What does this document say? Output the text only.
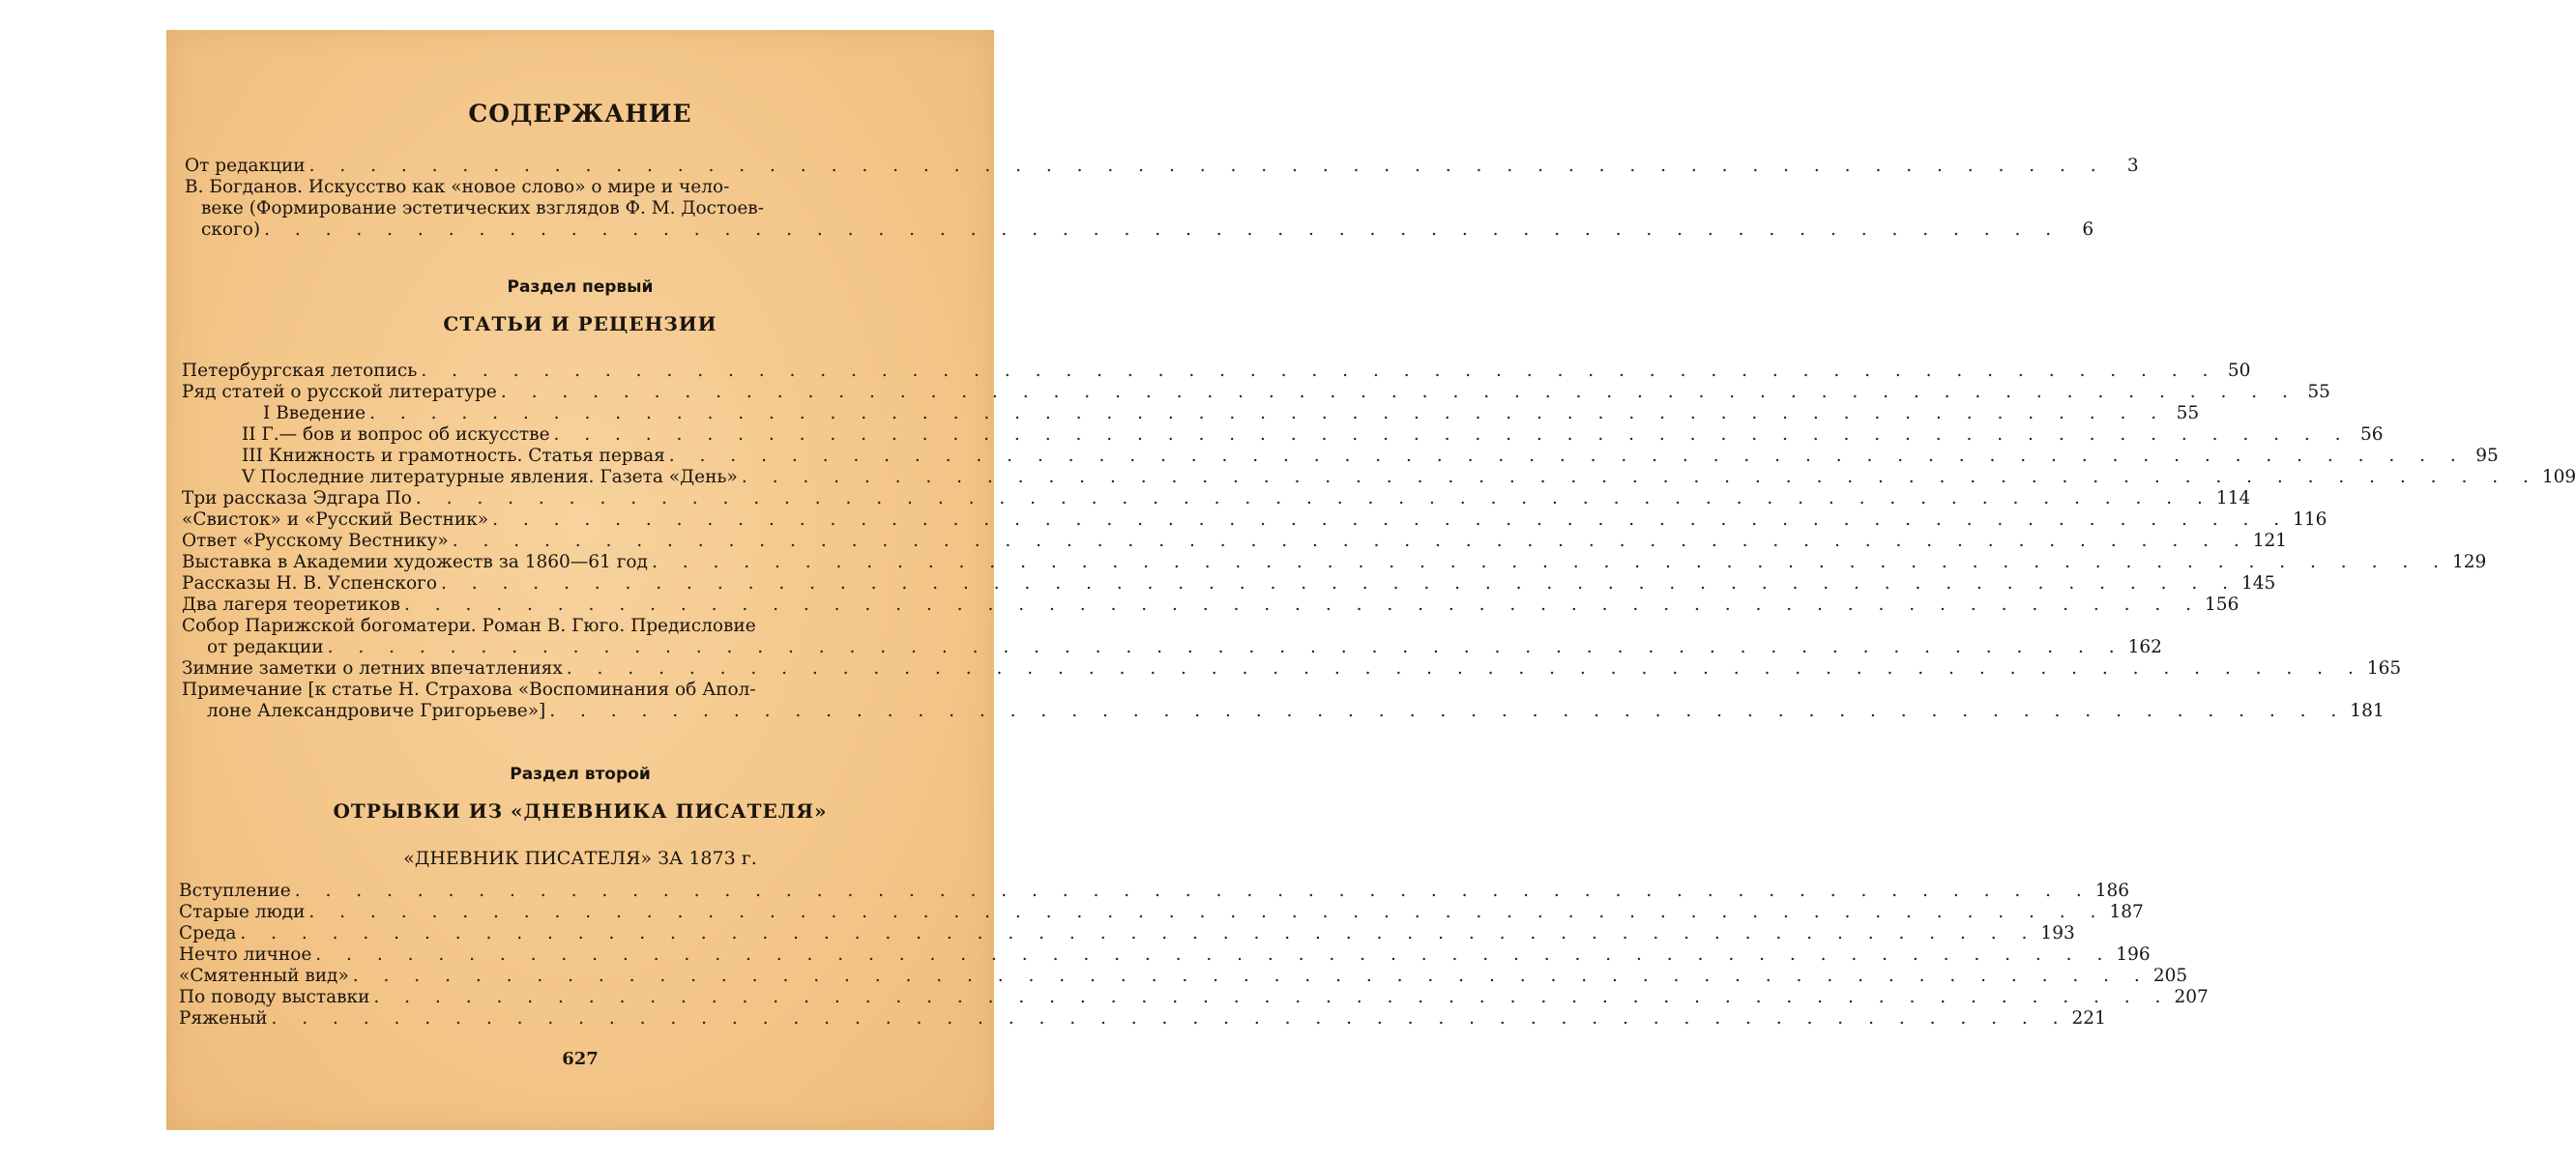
СОДЕРЖАНИЕ
От редакции . . . . . . . . . . . . . . . . . . . . . . . . . . . . . . . . . . . . . . . . . . . . . . . . . . . . . . . . . . .	3
В. Богданов. Искусство как «новое слово» о мире и чело-
веке (Формирование эстетических взглядов Ф. М. Достоев-
ского) . . . . . . . . . . . . . . . . . . . . . . . . . . . . . . . . . . . . . . . . . . . . . . . . . . . . . . . . . . .	6
Раздел первый
СТАТЬИ И РЕЦЕНЗИИ
Петербургская летопись . . . . . . . . . . . . . . . . . . . . . . . . . . . . . . . . . . . . . . . . . . . . . . . . . . . . . . . . . . . 50
Ряд статей о русской литературе . . . . . . . . . . . . . . . . . . . . . . . . . . . . . . . . . . . . . . . . . . . . . . . . . . . . . . . . . . . 55
I Введение . . . . . . . . . . . . . . . . . . . . . . . . . . . . . . . . . . . . . . . . . . . . . . . . . . . . . . . . . . . 55
II Г.— бов и вопрос об искусстве . . . . . . . . . . . . . . . . . . . . . . . . . . . . . . . . . . . . . . . . . . . . . . . . . . . . . . . . . . . 56
III Книжность и грамотность. Статья первая . . . . . . . . . . . . . . . . . . . . . . . . . . . . . . . . . . . . . . . . . . . . . . . . . . . . . . . . . . . 95
V Последние литературные явления. Газета «День» . . . . . . . . . . . . . . . . . . . . . . . . . . . . . . . . . . . . . . . . . . . . . . . . . . . . . . . . . . . 109
Три рассказа Эдгара По . . . . . . . . . . . . . . . . . . . . . . . . . . . . . . . . . . . . . . . . . . . . . . . . . . . . . . . . . . . 114
«Свисток» и «Русский Вестник» . . . . . . . . . . . . . . . . . . . . . . . . . . . . . . . . . . . . . . . . . . . . . . . . . . . . . . . . . . . 116
Ответ «Русскому Вестнику» . . . . . . . . . . . . . . . . . . . . . . . . . . . . . . . . . . . . . . . . . . . . . . . . . . . . . . . . . . . 121
Выставка в Академии художеств за 1860—61 год . . . . . . . . . . . . . . . . . . . . . . . . . . . . . . . . . . . . . . . . . . . . . . . . . . . . . . . . . . . 129
Рассказы Н. В. Успенского . . . . . . . . . . . . . . . . . . . . . . . . . . . . . . . . . . . . . . . . . . . . . . . . . . . . . . . . . . . 145
Два лагеря теоретиков . . . . . . . . . . . . . . . . . . . . . . . . . . . . . . . . . . . . . . . . . . . . . . . . . . . . . . . . . . . 156
Собор Парижской богоматери. Роман В. Гюго. Предисловие
от редакции . . . . . . . . . . . . . . . . . . . . . . . . . . . . . . . . . . . . . . . . . . . . . . . . . . . . . . . . . . . 162
Зимние заметки о летних впечатлениях . . . . . . . . . . . . . . . . . . . . . . . . . . . . . . . . . . . . . . . . . . . . . . . . . . . . . . . . . . . 165
Примечание [к статье Н. Страхова «Воспоминания об Апол-
лоне Александровиче Григорьеве»] . . . . . . . . . . . . . . . . . . . . . . . . . . . . . . . . . . . . . . . . . . . . . . . . . . . . . . . . . . . 181
Раздел второй
ОТРЫВКИ ИЗ «ДНЕВНИКА ПИСАТЕЛЯ»
«ДНЕВНИК ПИСАТЕЛЯ» ЗА 1873 г.
Вступление . . . . . . . . . . . . . . . . . . . . . . . . . . . . . . . . . . . . . . . . . . . . . . . . . . . . . . . . . . . 186
Старые люди . . . . . . . . . . . . . . . . . . . . . . . . . . . . . . . . . . . . . . . . . . . . . . . . . . . . . . . . . . . 187
Среда . . . . . . . . . . . . . . . . . . . . . . . . . . . . . . . . . . . . . . . . . . . . . . . . . . . . . . . . . . . 193
Нечто личное . . . . . . . . . . . . . . . . . . . . . . . . . . . . . . . . . . . . . . . . . . . . . . . . . . . . . . . . . . . 196
«Смятенный вид» . . . . . . . . . . . . . . . . . . . . . . . . . . . . . . . . . . . . . . . . . . . . . . . . . . . . . . . . . . . 205
По поводу выставки . . . . . . . . . . . . . . . . . . . . . . . . . . . . . . . . . . . . . . . . . . . . . . . . . . . . . . . . . . . 207
Ряженый . . . . . . . . . . . . . . . . . . . . . . . . . . . . . . . . . . . . . . . . . . . . . . . . . . . . . . . . . . . 221
627
